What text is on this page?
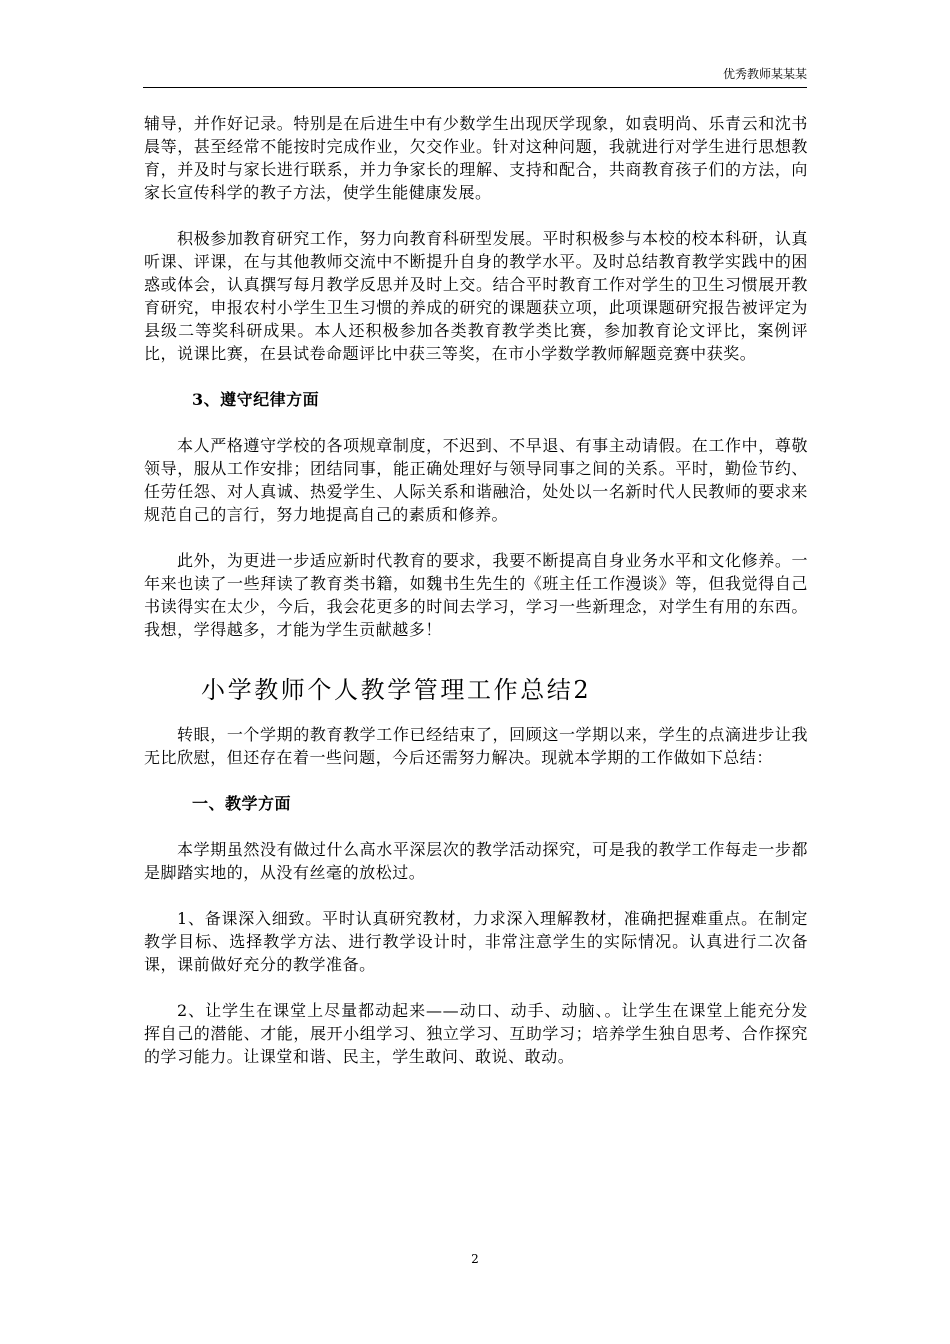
优秀教师某某某

辅导，并作好记录。特别是在后进生中有少数学生出现厌学现象，如袁明尚、乐青云和沈书晨等，甚至经常不能按时完成作业，欠交作业。针对这种问题，我就进行对学生进行思想教育，并及时与家长进行联系，并力争家长的理解、支持和配合，共商教育孩子们的方法，向家长宣传科学的教子方法，使学生能健康发展。

积极参加教育研究工作，努力向教育科研型发展。平时积极参与本校的校本科研，认真听课、评课，在与其他教师交流中不断提升自身的教学水平。及时总结教育教学实践中的困惑或体会，认真撰写每月教学反思并及时上交。结合平时教育工作对学生的卫生习惯展开教育研究，申报农村小学生卫生习惯的养成的研究的课题获立项，此项课题研究报告被评定为县级二等奖科研成果。本人还积极参加各类教育教学类比赛，参加教育论文评比，案例评比，说课比赛，在县试卷命题评比中获三等奖，在市小学数学教师解题竞赛中获奖。

3、遵守纪律方面

本人严格遵守学校的各项规章制度，不迟到、不早退、有事主动请假。在工作中，尊敬领导，服从工作安排；团结同事，能正确处理好与领导同事之间的关系。平时，勤俭节约、任劳任怨、对人真诚、热爱学生、人际关系和谐融洽，处处以一名新时代人民教师的要求来规范自己的言行，努力地提高自己的素质和修养。

此外，为更进一步适应新时代教育的要求，我要不断提高自身业务水平和文化修养。一年来也读了一些拜读了教育类书籍，如魏书生先生的《班主任工作漫谈》等，但我觉得自己书读得实在太少，今后，我会花更多的时间去学习，学习一些新理念，对学生有用的东西。我想，学得越多，才能为学生贡献越多！

小学教师个人教学管理工作总结2

转眼，一个学期的教育教学工作已经结束了，回顾这一学期以来，学生的点滴进步让我无比欣慰，但还存在着一些问题，今后还需努力解决。现就本学期的工作做如下总结：

一、教学方面

本学期虽然没有做过什么高水平深层次的教学活动探究，可是我的教学工作每走一步都是脚踏实地的，从没有丝毫的放松过。

1、备课深入细致。平时认真研究教材，力求深入理解教材，准确把握难重点。在制定教学目标、选择教学方法、进行教学设计时，非常注意学生的实际情况。认真进行二次备课，课前做好充分的教学准备。

2、让学生在课堂上尽量都动起来——动口、动手、动脑、。让学生在课堂上能充分发挥自己的潜能、才能，展开小组学习、独立学习、互助学习；培养学生独自思考、合作探究的学习能力。让课堂和谐、民主，学生敢问、敢说、敢动。

2
